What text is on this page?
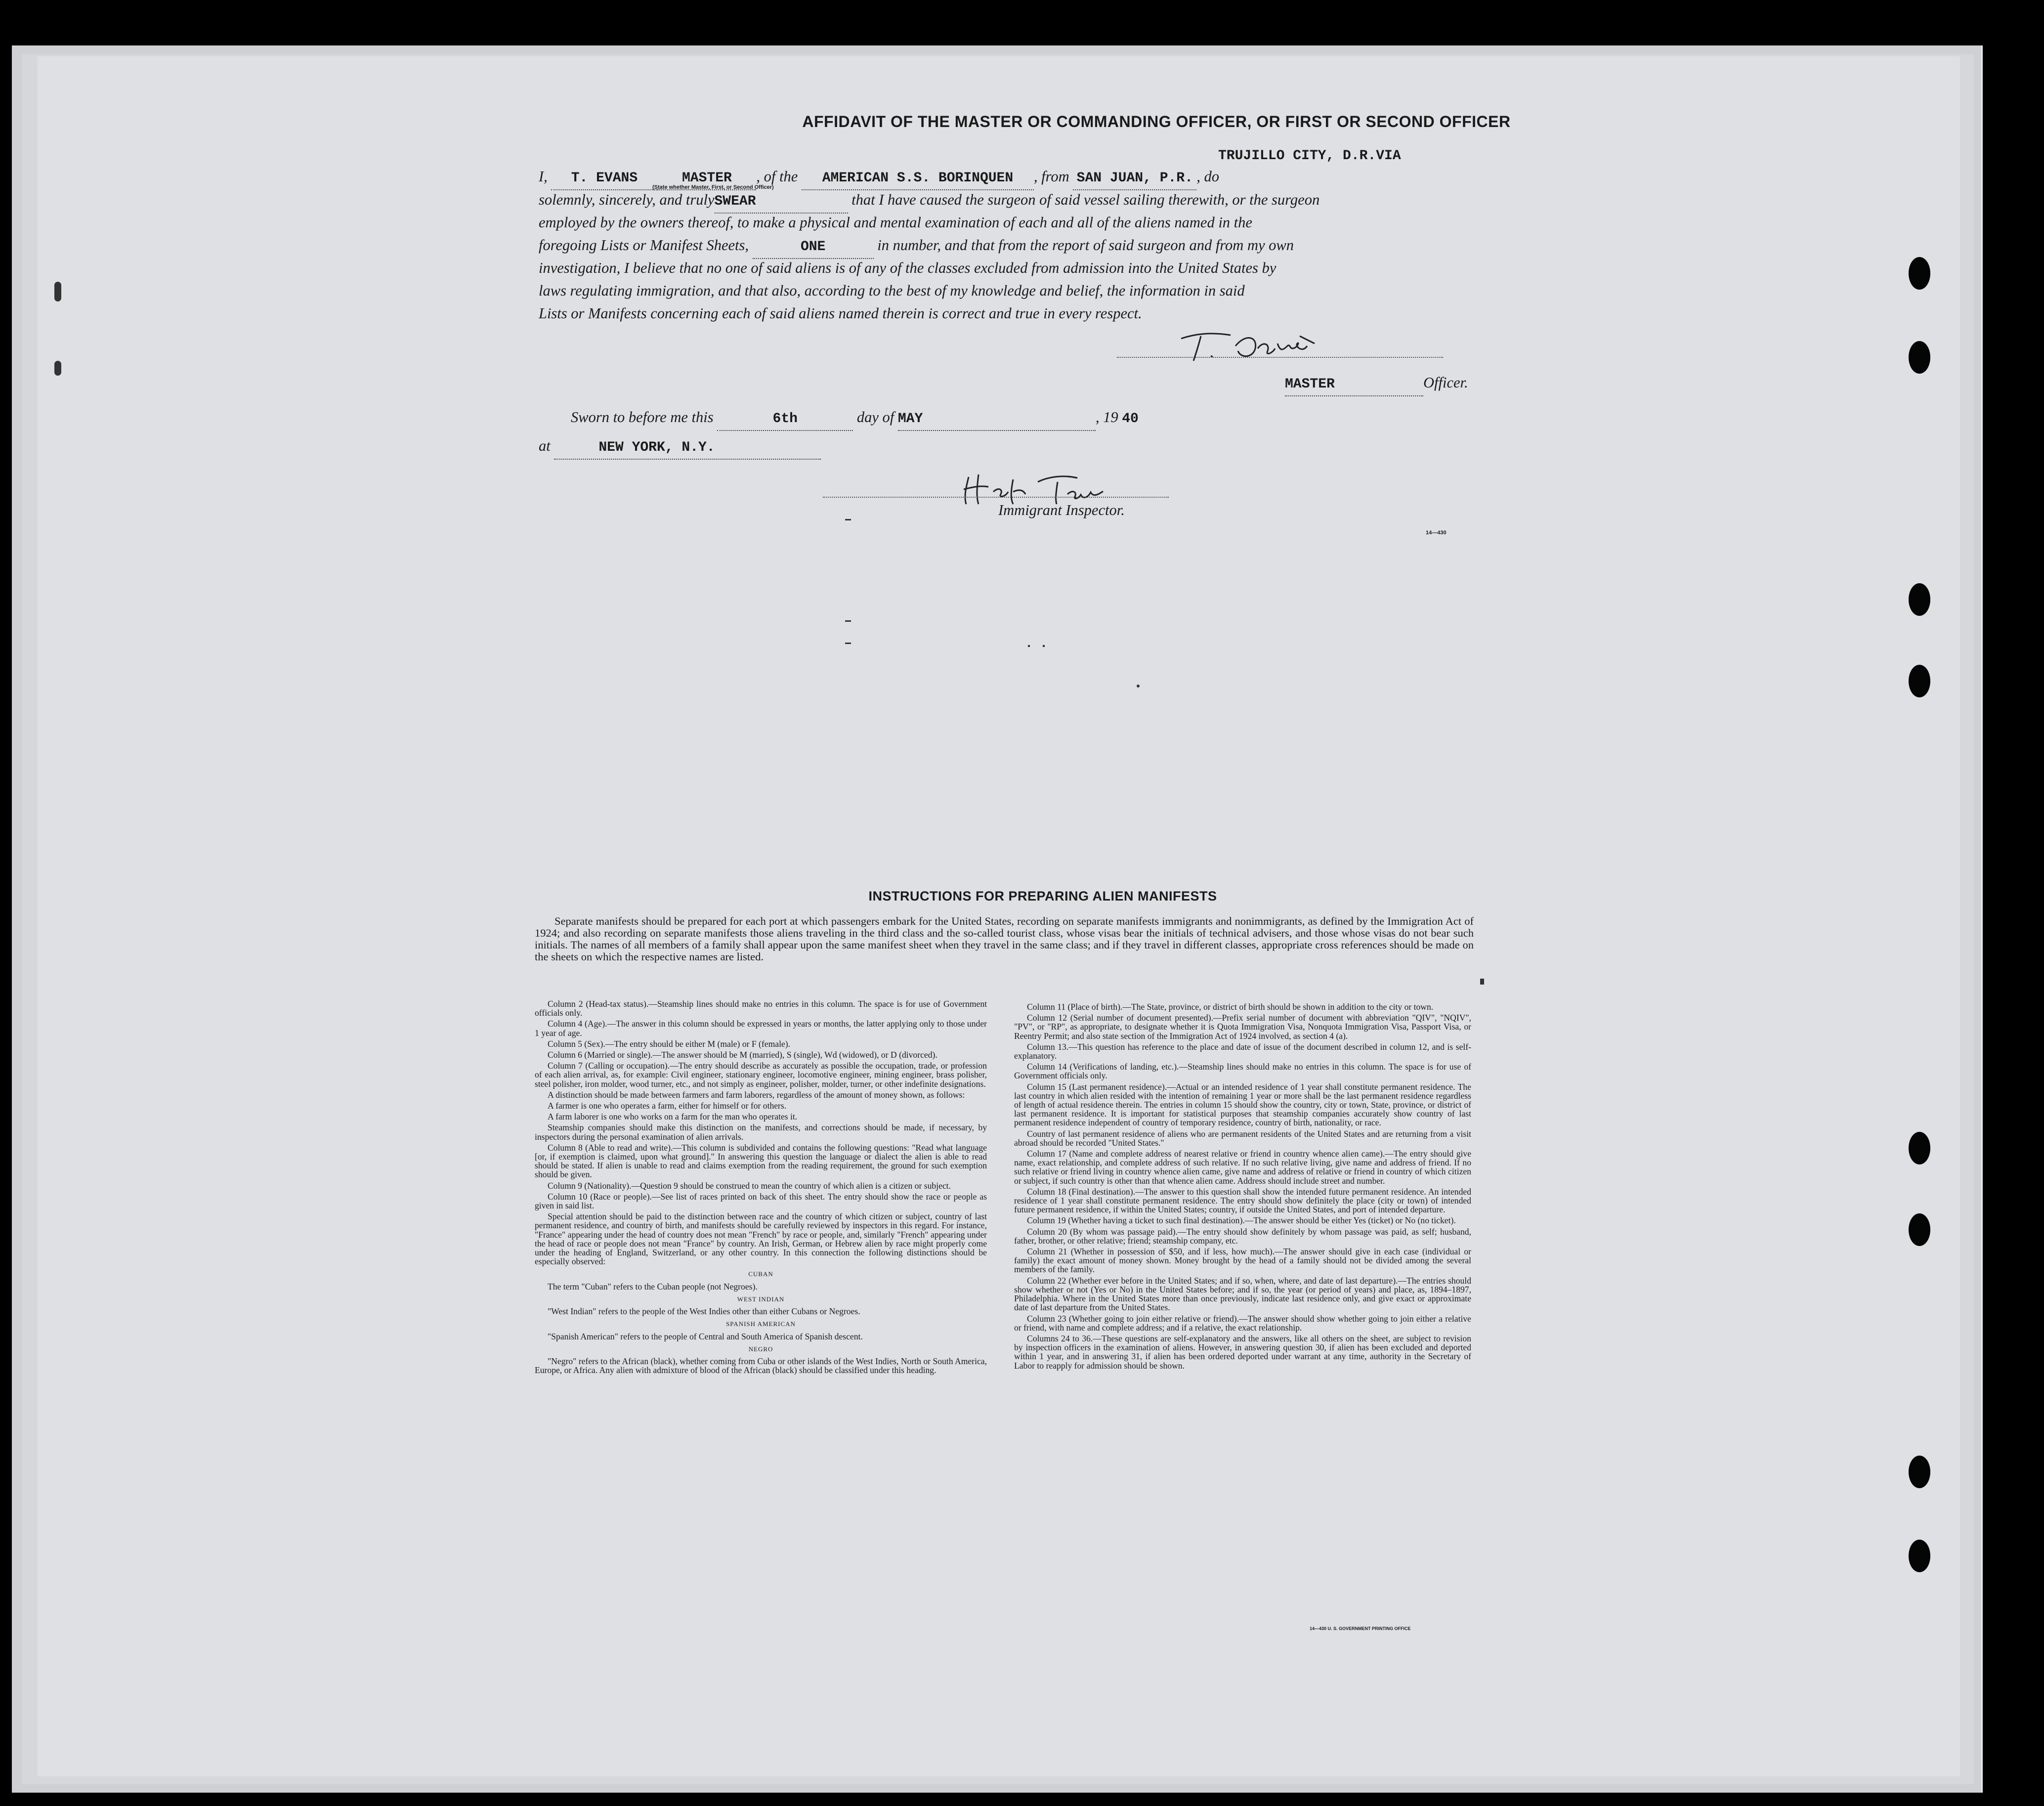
AFFIDAVIT OF THE MASTER OR COMMANDING OFFICER, OR FIRST OR SECOND OFFICER
TRUJILLO CITY, D.R.VIA
I, T. EVANS	MASTER , of the AMERICAN S.S. BORINQUEN , from SAN JUAN, P.R. , do
(State whether Master, First, or Second Officer)
solemnly, sincerely, and trulySWEAR	that I have caused the surgeon of said vessel sailing therewith, or the surgeon
employed by the owners thereof, to make a physical and mental examination of each and all of the aliens named in the
foregoing Lists or Manifest Sheets,	ONE	in number, and that from the report of said surgeon and from my own
investigation, I believe that no one of said aliens is of any of the classes excluded from admission into the United States by
laws regulating immigration, and that also, according to the best of my knowledge and belief, the information in said
Lists or Manifests concerning each of said aliens named therein is correct and true in every respect.
MASTER	Officer.
Sworn to before me this	6th	day of MAY	, 19 40
at	NEW YORK, N.Y.
Immigrant Inspector.
14—430
INSTRUCTIONS FOR PREPARING ALIEN MANIFESTS
Separate manifests should be prepared for each port at which passengers embark for the United States, recording on separate manifests immigrants and nonimmigrants, as defined by the Immigration Act of 1924; and also recording on separate manifests those aliens traveling in the third class and the so-called tourist class, whose visas bear the initials of technical advisers, and those whose visas do not bear such initials. The names of all members of a family shall appear upon the same manifest sheet when they travel in the same class; and if they travel in different classes, appropriate cross references should be made on the sheets on which the respective names are listed.

Column 2 (Head-tax status).—Steamship lines should make no entries in this column. The space is for use of Government officials only.

Column 4 (Age).—The answer in this column should be expressed in years or months, the latter applying only to those under 1 year of age.

Column 5 (Sex).—The entry should be either M (male) or F (female).

Column 6 (Married or single).—The answer should be M (married), S (single), Wd (widowed), or D (divorced).

Column 7 (Calling or occupation).—The entry should describe as accurately as possible the occupation, trade, or profession of each alien arrival, as, for example: Civil engineer, stationary engineer, locomotive engineer, mining engineer, brass polisher, steel polisher, iron molder, wood turner, etc., and not simply as engineer, polisher, molder, turner, or other indefinite designations.

A distinction should be made between farmers and farm laborers, regardless of the amount of money shown, as follows:

A farmer is one who operates a farm, either for himself or for others.

A farm laborer is one who works on a farm for the man who operates it.

Steamship companies should make this distinction on the manifests, and corrections should be made, if necessary, by inspectors during the personal examination of alien arrivals.

Column 8 (Able to read and write).—This column is subdivided and contains the following questions: "Read what language [or, if exemption is claimed, upon what ground]." In answering this question the language or dialect the alien is able to read should be stated. If alien is unable to read and claims exemption from the reading requirement, the ground for such exemption should be given.

Column 9 (Nationality).—Question 9 should be construed to mean the country of which alien is a citizen or subject.

Column 10 (Race or people).—See list of races printed on back of this sheet. The entry should show the race or people as given in said list.

Special attention should be paid to the distinction between race and the country of which citizen or subject, country of last permanent residence, and country of birth, and manifests should be carefully reviewed by inspectors in this regard. For instance, "France" appearing under the head of country does not mean "French" by race or people, and, similarly "French" appearing under the head of race or people does not mean "France" by country. An Irish, German, or Hebrew alien by race might properly come under the heading of England, Switzerland, or any other country. In this connection the following distinctions should be especially observed:

CUBAN

The term "Cuban" refers to the Cuban people (not Negroes).

WEST INDIAN

"West Indian" refers to the people of the West Indies other than either Cubans or Negroes.

SPANISH AMERICAN

"Spanish American" refers to the people of Central and South America of Spanish descent.

NEGRO

"Negro" refers to the African (black), whether coming from Cuba or other islands of the West Indies, North or South America, Europe, or Africa. Any alien with admixture of blood of the African (black) should be classified under this heading.

Column 11 (Place of birth).—The State, province, or district of birth should be shown in addition to the city or town.

Column 12 (Serial number of document presented).—Prefix serial number of document with abbreviation "QIV", "NQIV", "PV", or "RP", as appropriate, to designate whether it is Quota Immigration Visa, Nonquota Immigration Visa, Passport Visa, or Reentry Permit; and also state section of the Immigration Act of 1924 involved, as section 4 (a).

Column 13.—This question has reference to the place and date of issue of the document described in column 12, and is self-explanatory.

Column 14 (Verifications of landing, etc.).—Steamship lines should make no entries in this column. The space is for use of Government officials only.

Column 15 (Last permanent residence).—Actual or an intended residence of 1 year shall constitute permanent residence. The last country in which alien resided with the intention of remaining 1 year or more shall be the last permanent residence regardless of length of actual residence therein. The entries in column 15 should show the country, city or town, State, province, or district of last permanent residence. It is important for statistical purposes that steamship companies accurately show country of last permanent residence independent of country of temporary residence, country of birth, nationality, or race.

Country of last permanent residence of aliens who are permanent residents of the United States and are returning from a visit abroad should be recorded "United States."

Column 17 (Name and complete address of nearest relative or friend in country whence alien came).—The entry should give name, exact relationship, and complete address of such relative. If no such relative living, give name and address of friend. If no such relative or friend living in country whence alien came, give name and address of relative or friend in country of which citizen or subject, if such country is other than that whence alien came. Address should include street and number.

Column 18 (Final destination).—The answer to this question shall show the intended future permanent residence. An intended residence of 1 year shall constitute permanent residence. The entry should show definitely the place (city or town) of intended future permanent residence, if within the United States; country, if outside the United States, and port of intended departure.

Column 19 (Whether having a ticket to such final destination).—The answer should be either Yes (ticket) or No (no ticket).

Column 20 (By whom was passage paid).—The entry should show definitely by whom passage was paid, as self; husband, father, brother, or other relative; friend; steamship company, etc.

Column 21 (Whether in possession of $50, and if less, how much).—The answer should give in each case (individual or family) the exact amount of money shown. Money brought by the head of a family should not be divided among the several members of the family.

Column 22 (Whether ever before in the United States; and if so, when, where, and date of last departure).—The entries should show whether or not (Yes or No) in the United States before; and if so, the year (or period of years) and place, as, 1894–1897, Philadelphia. Where in the United States more than once previously, indicate last residence only, and give exact or approximate date of last departure from the United States.

Column 23 (Whether going to join either relative or friend).—The answer should show whether going to join either a relative or friend, with name and complete address; and if a relative, the exact relationship.

Columns 24 to 36.—These questions are self-explanatory and the answers, like all others on the sheet, are subject to revision by inspection officers in the examination of aliens. However, in answering question 30, if alien has been excluded and deported within 1 year, and in answering 31, if alien has been ordered deported under warrant at any time, authority in the Secretary of Labor to reapply for admission should be shown.

14—430 U. S. GOVERNMENT PRINTING OFFICE
